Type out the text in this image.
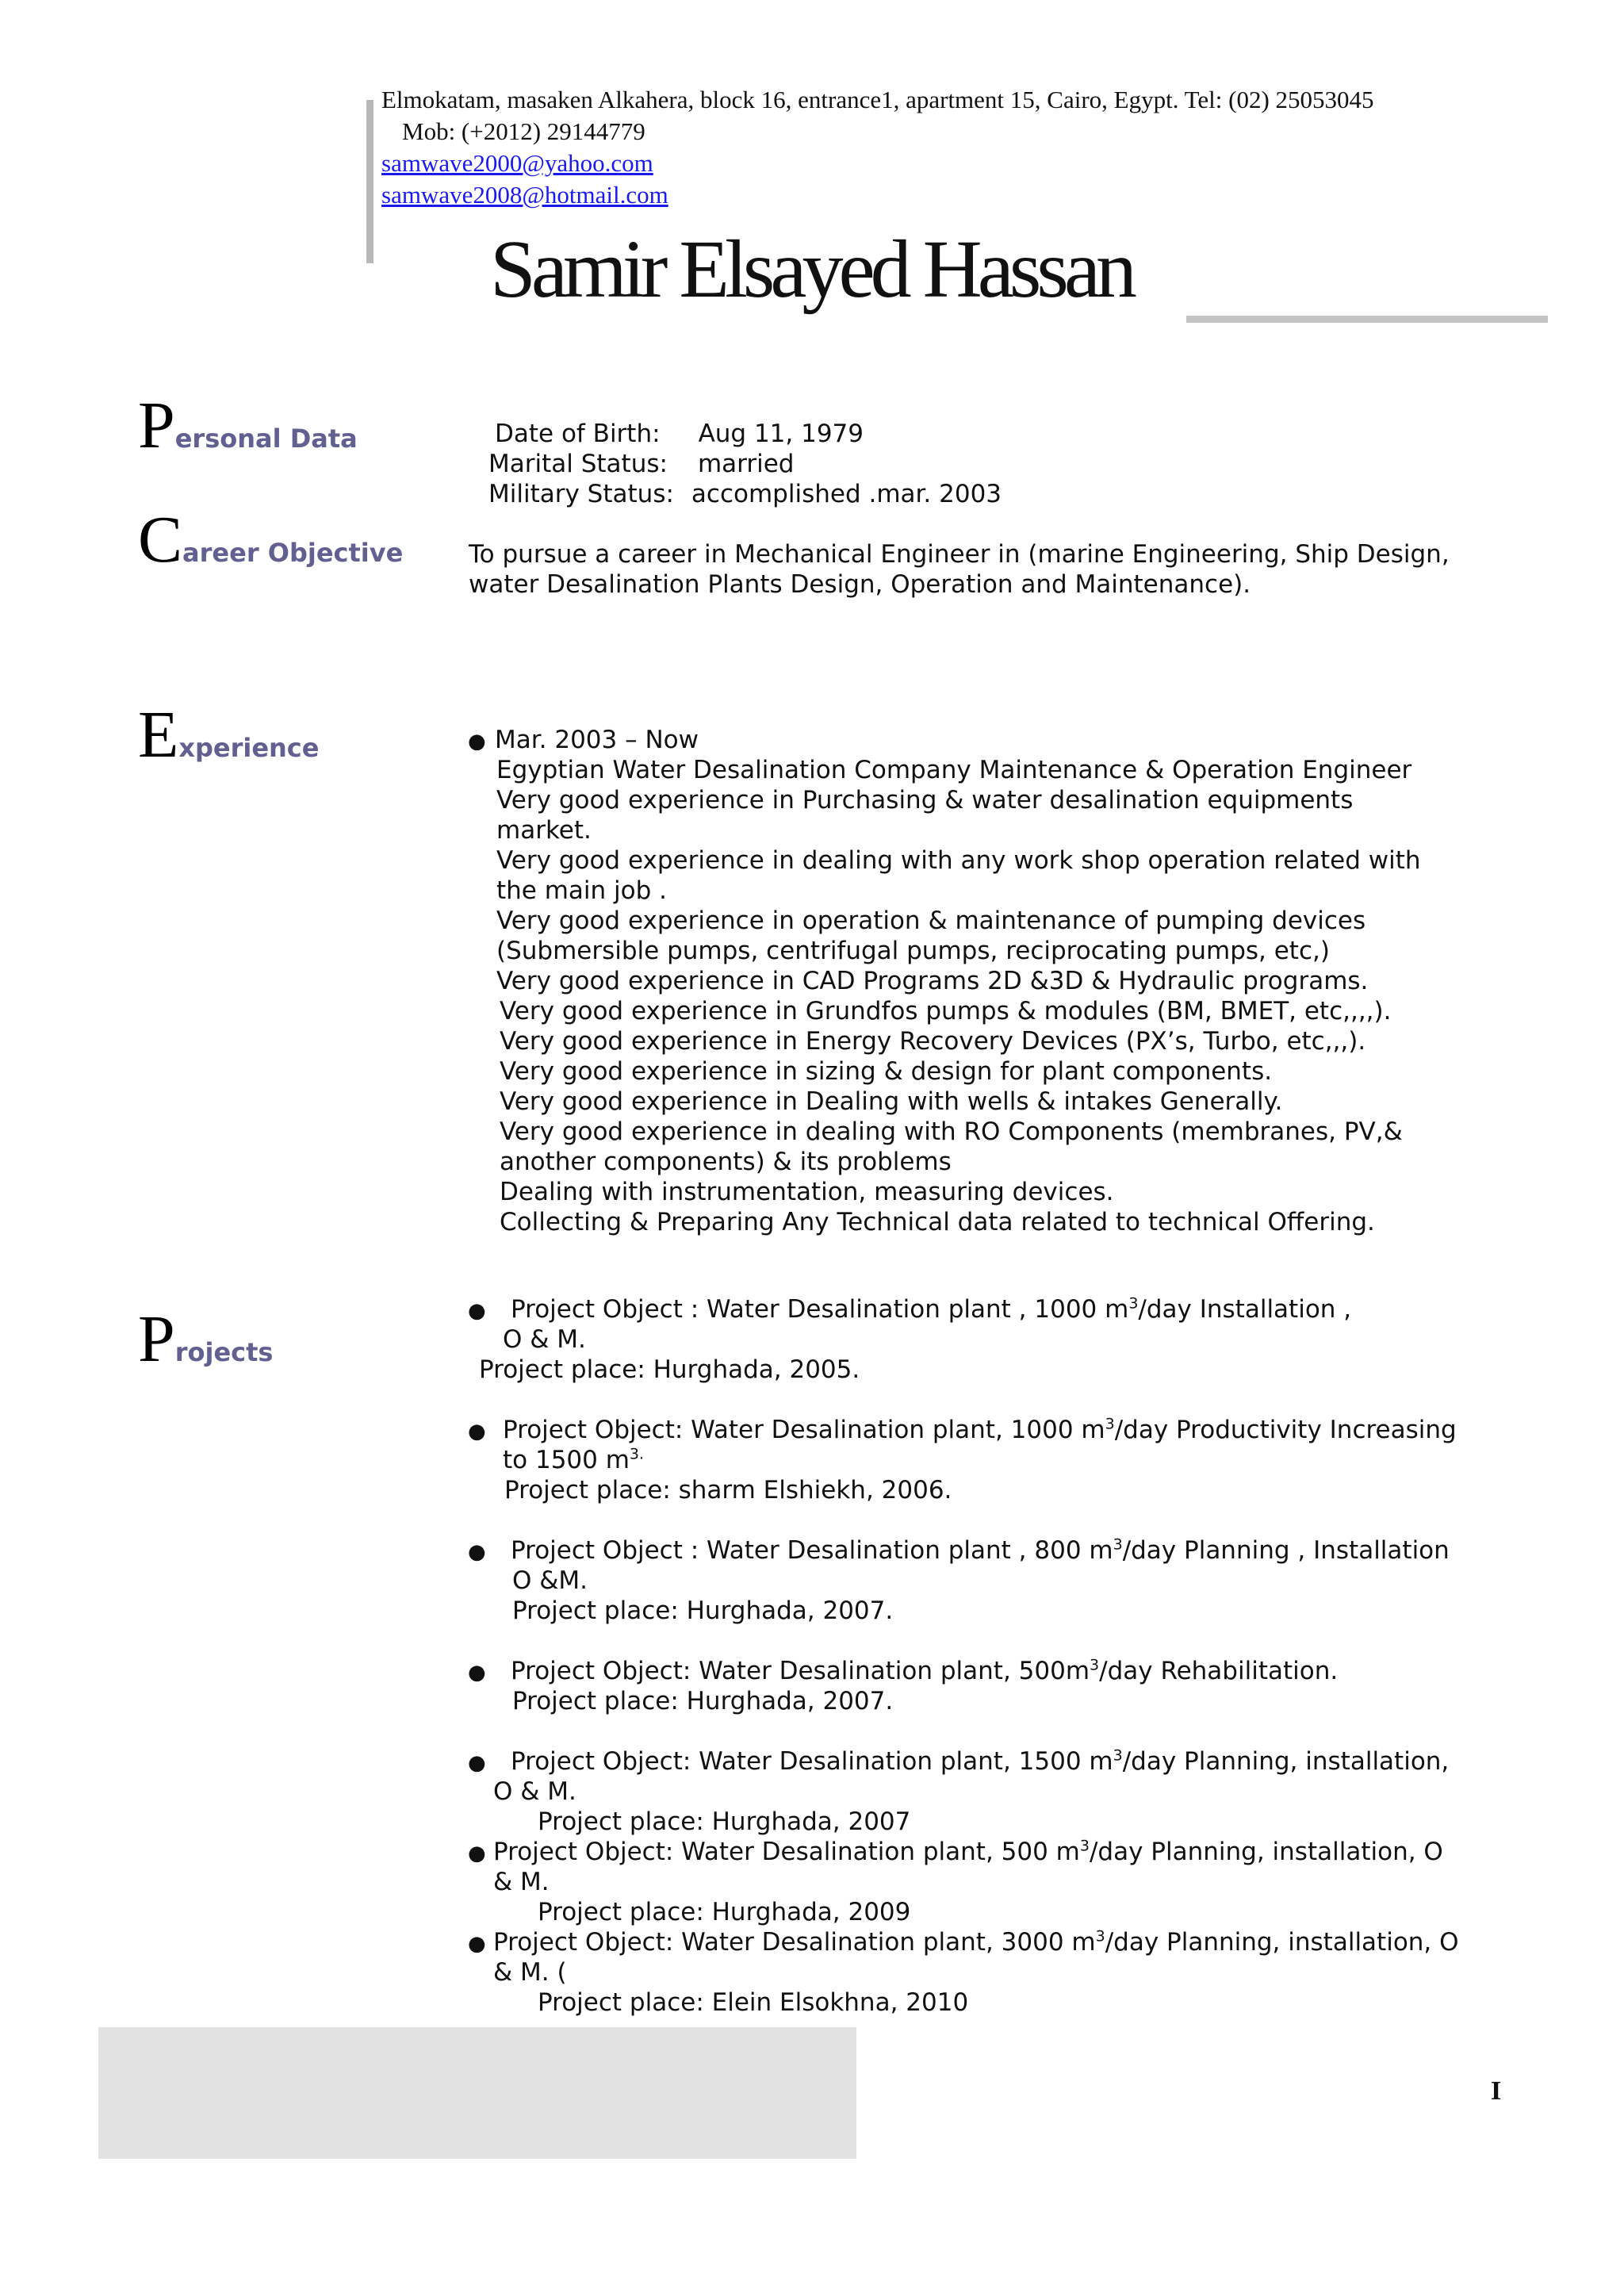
Elmokatam, masaken Alkahera, block 16, entrance1, apartment 15, Cairo, Egypt. Tel: (02) 25053045
Mob: (+2012) 29144779
samwave2000@yahoo.com
samwave2008@hotmail.com
Samir Elsayed Hassan
Personal Data	Date of Birth: Aug 11, 1979
Marital Status: married
Military Status: accomplished .mar. 2003
Career Objective	To pursue a career in Mechanical Engineer in (marine Engineering, Ship Design,
water Desalination Plants Design, Operation and Maintenance).
Experience	● Mar. 2003 – Now
Egyptian Water Desalination Company Maintenance & Operation Engineer
Very good experience in Purchasing & water desalination equipments
market.
Very good experience in dealing with any work shop operation related with
the main job .
Very good experience in operation & maintenance of pumping devices
(Submersible pumps, centrifugal pumps, reciprocating pumps, etc,)
Very good experience in CAD Programs 2D &3D & Hydraulic programs.
Very good experience in Grundfos pumps & modules (BM, BMET, etc,,,,).
Very good experience in Energy Recovery Devices (PX’s, Turbo, etc,,,).
Very good experience in sizing & design for plant components.
Very good experience in Dealing with wells & intakes Generally.
Very good experience in dealing with RO Components (membranes, PV,&
another components) & its problems
Dealing with instrumentation, measuring devices.
Collecting & Preparing Any Technical data related to technical Offering.
Projects
●	Project Object : Water Desalination plant , 1000 $m^3$/day Installation ,
O & M.
Project place: Hurghada, 2005.
● Project Object: Water Desalination plant, 1000 $m^3$/day Productivity Increasing
to 1500 $m^{3.}$
Project place: sharm Elshiekh, 2006.
●	Project Object : Water Desalination plant , 800 $m^3$/day Planning , Installation
O &M.
Project place: Hurghada, 2007.
●	Project Object: Water Desalination plant, $500m^3$/day Rehabilitation.
Project place: Hurghada, 2007.
●	Project Object: Water Desalination plant, 1500 $m^3$/day Planning, installation,
O & M.
Project place: Hurghada, 2007
● Project Object: Water Desalination plant, 500 $m^3$/day Planning, installation, O
& M.
Project place: Hurghada, 2009
● Project Object: Water Desalination plant, 3000 $m^3$/day Planning, installation, O
& M. (
Project place: Elein Elsokhna, 2010
I
